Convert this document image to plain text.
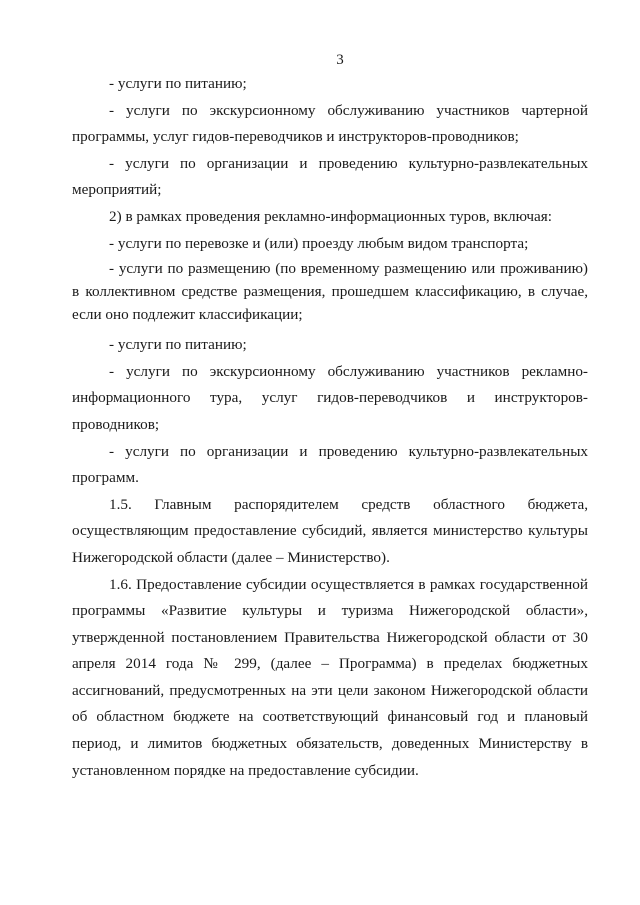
3

- услуги по питанию;

- услуги по экскурсионному обслуживанию участников чартерной программы, услуг гидов-переводчиков и инструкторов-проводников;

- услуги по организации и проведению культурно-развлекательных мероприятий;

2) в рамках проведения рекламно-информационных туров, включая:

- услуги по перевозке и (или) проезду любым видом транспорта;

- услуги по размещению (по временному размещению или проживанию) в коллективном средстве размещения, прошедшем классификацию, в случае, если оно подлежит классификации;

- услуги по питанию;

- услуги по экскурсионному обслуживанию участников рекламно-информационного тура, услуг гидов-переводчиков и инструкторов-проводников;

- услуги по организации и проведению культурно-развлекательных программ.

1.5. Главным распорядителем средств областного бюджета, осуществляющим предоставление субсидий, является министерство культуры Нижегородской области (далее – Министерство).

1.6. Предоставление субсидии осуществляется в рамках государственной программы «Развитие культуры и туризма Нижегородской области», утвержденной постановлением Правительства Нижегородской области от 30 апреля 2014 года № 299, (далее – Программа) в пределах бюджетных ассигнований, предусмотренных на эти цели законом Нижегородской области об областном бюджете на соответствующий финансовый год и плановый период, и лимитов бюджетных обязательств, доведенных Министерству в установленном порядке на предоставление субсидии.
